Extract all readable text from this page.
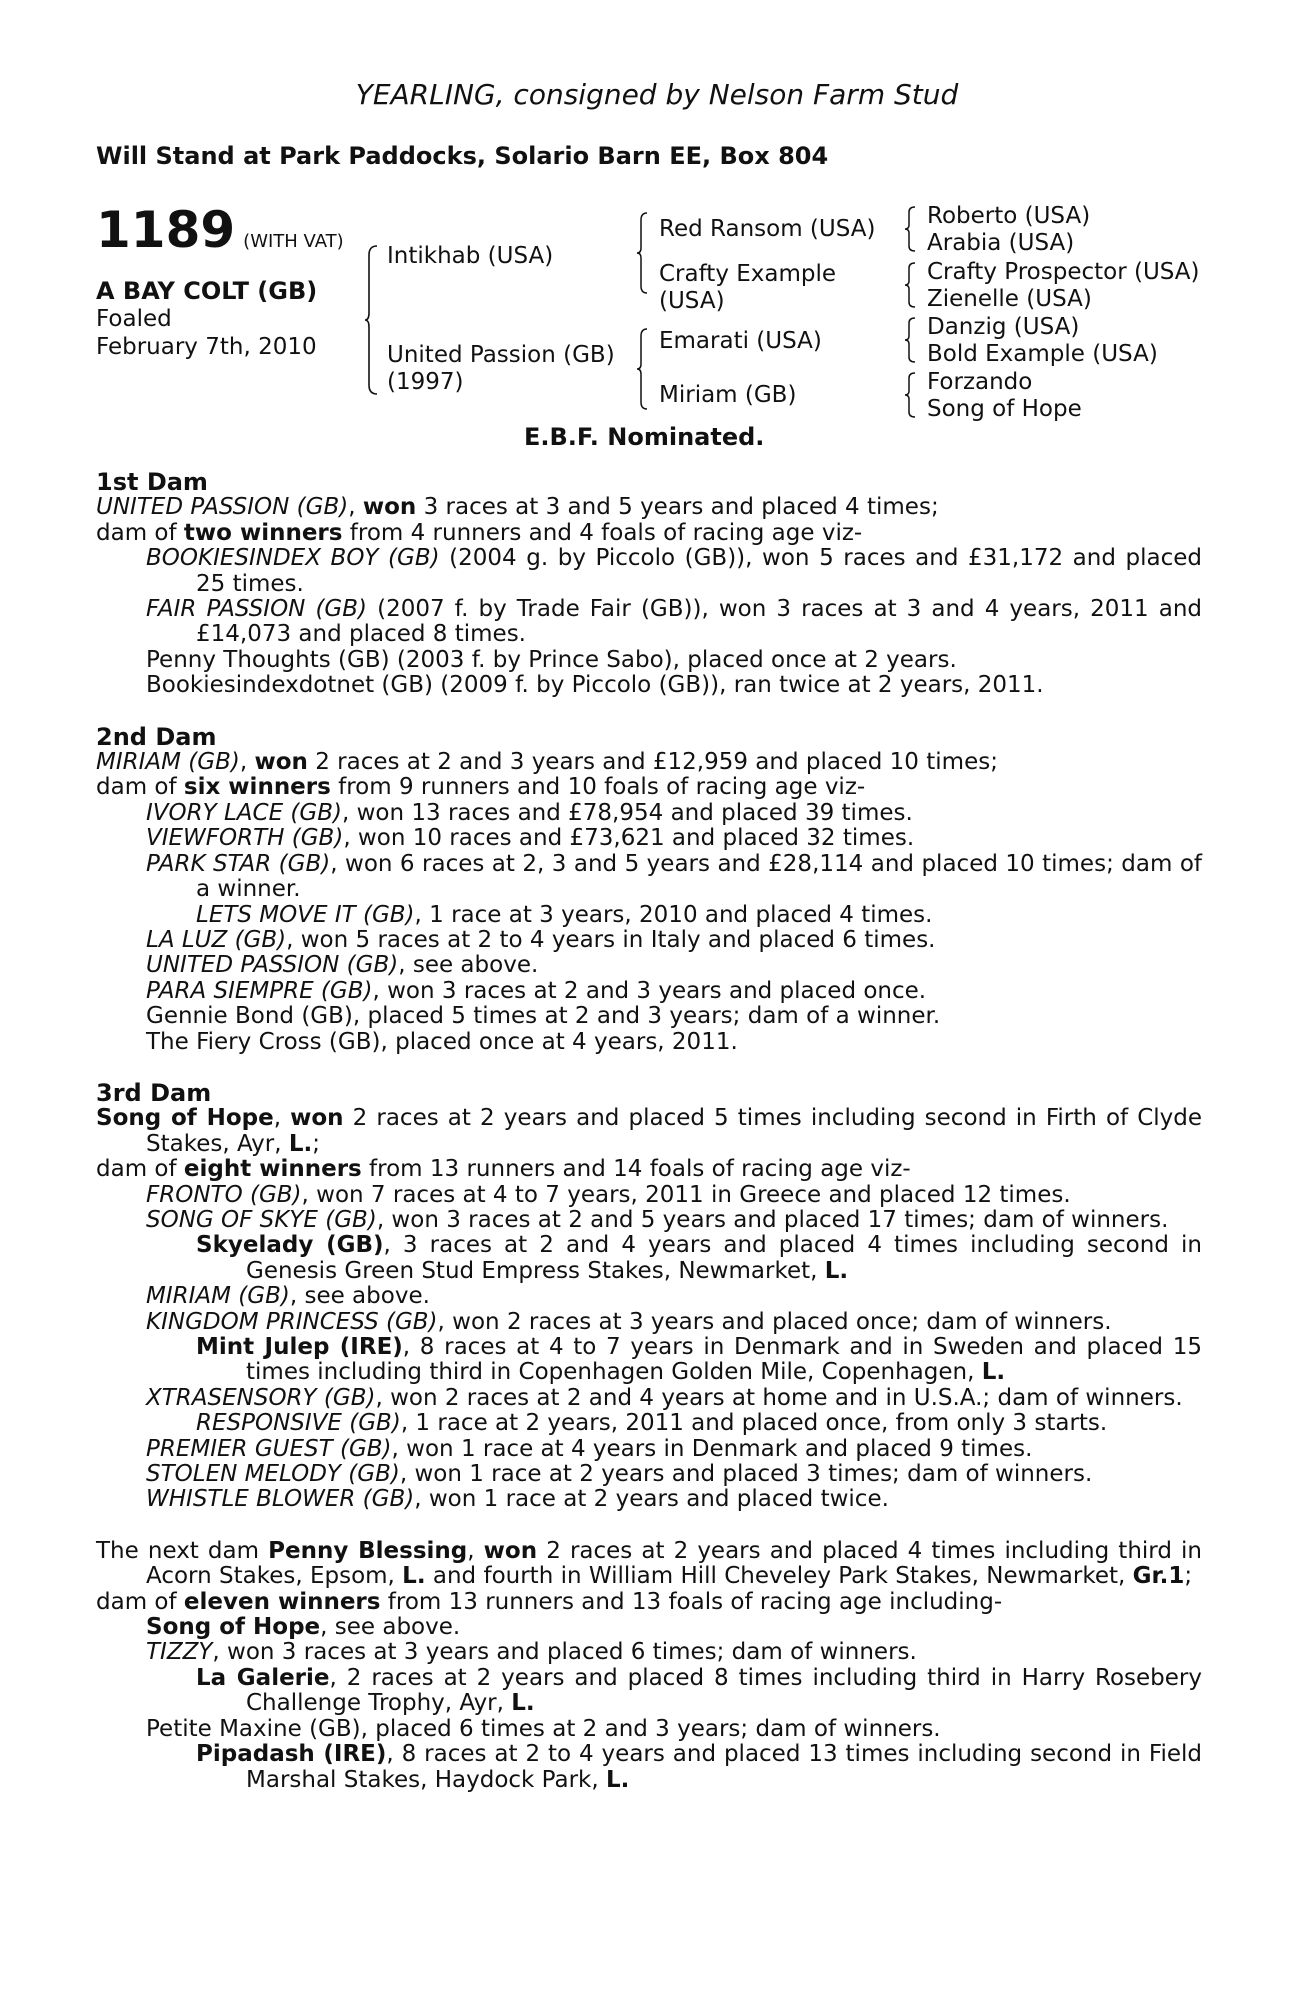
YEARLING, consigned by Nelson Farm Stud
Will Stand at Park Paddocks, Solario Barn EE, Box 804
1189 (WITH VAT)
A BAY COLT (GB)
Foaled
February 7th, 2010
Intikhab (USA)
United Passion (GB)
(1997)
Red Ransom (USA)
Crafty Example
(USA)
Emarati (USA)
Miriam (GB)
Roberto (USA)
Arabia (USA)
Crafty Prospector (USA)
Zienelle (USA)
Danzig (USA)
Bold Example (USA)
Forzando
Song of Hope
E.B.F. Nominated.

1st Dam

UNITED PASSION (GB), won 3 races at 3 and 5 years and placed 4 times;

dam of two winners from 4 runners and 4 foals of racing age viz-

BOOKIESINDEX BOY (GB) (2004 g. by Piccolo (GB)), won 5 races and £31,172 and placed 25 times.

FAIR PASSION (GB) (2007 f. by Trade Fair (GB)), won 3 races at 3 and 4 years, 2011 and £14,073 and placed 8 times.

Penny Thoughts (GB) (2003 f. by Prince Sabo), placed once at 2 years.

Bookiesindexdotnet (GB) (2009 f. by Piccolo (GB)), ran twice at 2 years, 2011.

2nd Dam

MIRIAM (GB), won 2 races at 2 and 3 years and £12,959 and placed 10 times;

dam of six winners from 9 runners and 10 foals of racing age viz-

IVORY LACE (GB), won 13 races and £78,954 and placed 39 times.

VIEWFORTH (GB), won 10 races and £73,621 and placed 32 times.

PARK STAR (GB), won 6 races at 2, 3 and 5 years and £28,114 and placed 10 times; dam of a winner.

LETS MOVE IT (GB), 1 race at 3 years, 2010 and placed 4 times.

LA LUZ (GB), won 5 races at 2 to 4 years in Italy and placed 6 times.

UNITED PASSION (GB), see above.

PARA SIEMPRE (GB), won 3 races at 2 and 3 years and placed once.

Gennie Bond (GB), placed 5 times at 2 and 3 years; dam of a winner.

The Fiery Cross (GB), placed once at 4 years, 2011.

3rd Dam

Song of Hope, won 2 races at 2 years and placed 5 times including second in Firth of Clyde Stakes, Ayr, L.;

dam of eight winners from 13 runners and 14 foals of racing age viz-

FRONTO (GB), won 7 races at 4 to 7 years, 2011 in Greece and placed 12 times.

SONG OF SKYE (GB), won 3 races at 2 and 5 years and placed 17 times; dam of winners.

Skyelady (GB), 3 races at 2 and 4 years and placed 4 times including second in Genesis Green Stud Empress Stakes, Newmarket, L.

MIRIAM (GB), see above.

KINGDOM PRINCESS (GB), won 2 races at 3 years and placed once; dam of winners.

Mint Julep (IRE), 8 races at 4 to 7 years in Denmark and in Sweden and placed 15 times including third in Copenhagen Golden Mile, Copenhagen, L.

XTRASENSORY (GB), won 2 races at 2 and 4 years at home and in U.S.A.; dam of winners.

RESPONSIVE (GB), 1 race at 2 years, 2011 and placed once, from only 3 starts.

PREMIER GUEST (GB), won 1 race at 4 years in Denmark and placed 9 times.

STOLEN MELODY (GB), won 1 race at 2 years and placed 3 times; dam of winners.

WHISTLE BLOWER (GB), won 1 race at 2 years and placed twice.

The next dam Penny Blessing, won 2 races at 2 years and placed 4 times including third in Acorn Stakes, Epsom, L. and fourth in William Hill Cheveley Park Stakes, Newmarket, Gr.1;

dam of eleven winners from 13 runners and 13 foals of racing age including-

Song of Hope, see above.

TIZZY, won 3 races at 3 years and placed 6 times; dam of winners.

La Galerie, 2 races at 2 years and placed 8 times including third in Harry Rosebery Challenge Trophy, Ayr, L.

Petite Maxine (GB), placed 6 times at 2 and 3 years; dam of winners.

Pipadash (IRE), 8 races at 2 to 4 years and placed 13 times including second in Field Marshal Stakes, Haydock Park, L.
